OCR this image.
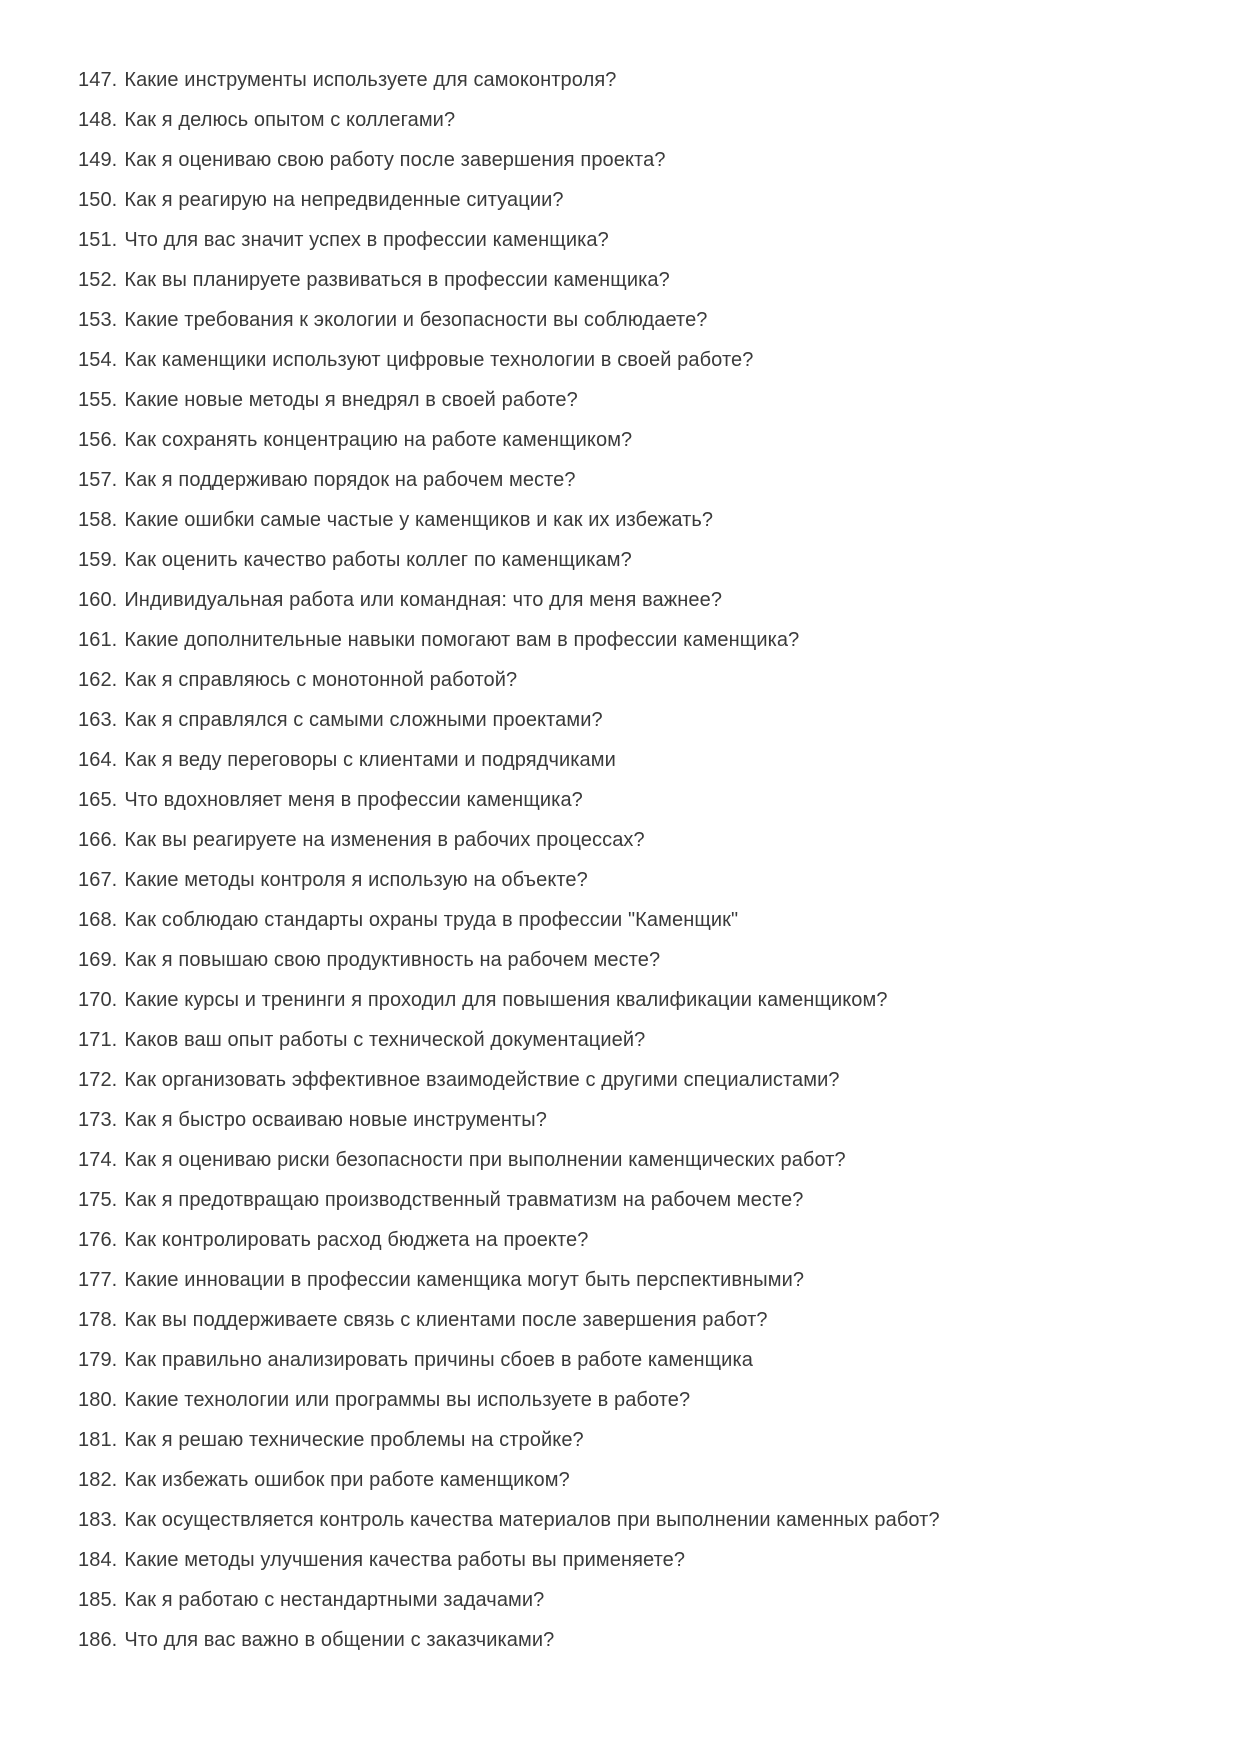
147. Какие инструменты используете для самоконтроля?
148. Как я делюсь опытом с коллегами?
149. Как я оцениваю свою работу после завершения проекта?
150. Как я реагирую на непредвиденные ситуации?
151. Что для вас значит успех в профессии каменщика?
152. Как вы планируете развиваться в профессии каменщика?
153. Какие требования к экологии и безопасности вы соблюдаете?
154. Как каменщики используют цифровые технологии в своей работе?
155. Какие новые методы я внедрял в своей работе?
156. Как сохранять концентрацию на работе каменщиком?
157. Как я поддерживаю порядок на рабочем месте?
158. Какие ошибки самые частые у каменщиков и как их избежать?
159. Как оценить качество работы коллег по каменщикам?
160. Индивидуальная работа или командная: что для меня важнее?
161. Какие дополнительные навыки помогают вам в профессии каменщика?
162. Как я справляюсь с монотонной работой?
163. Как я справлялся с самыми сложными проектами?
164. Как я веду переговоры с клиентами и подрядчиками
165. Что вдохновляет меня в профессии каменщика?
166. Как вы реагируете на изменения в рабочих процессах?
167. Какие методы контроля я использую на объекте?
168. Как соблюдаю стандарты охраны труда в профессии "Каменщик"
169. Как я повышаю свою продуктивность на рабочем месте?
170. Какие курсы и тренинги я проходил для повышения квалификации каменщиком?
171. Каков ваш опыт работы с технической документацией?
172. Как организовать эффективное взаимодействие с другими специалистами?
173. Как я быстро осваиваю новые инструменты?
174. Как я оцениваю риски безопасности при выполнении каменщических работ?
175. Как я предотвращаю производственный травматизм на рабочем месте?
176. Как контролировать расход бюджета на проекте?
177. Какие инновации в профессии каменщика могут быть перспективными?
178. Как вы поддерживаете связь с клиентами после завершения работ?
179. Как правильно анализировать причины сбоев в работе каменщика
180. Какие технологии или программы вы используете в работе?
181. Как я решаю технические проблемы на стройке?
182. Как избежать ошибок при работе каменщиком?
183. Как осуществляется контроль качества материалов при выполнении каменных работ?
184. Какие методы улучшения качества работы вы применяете?
185. Как я работаю с нестандартными задачами?
186. Что для вас важно в общении с заказчиками?
